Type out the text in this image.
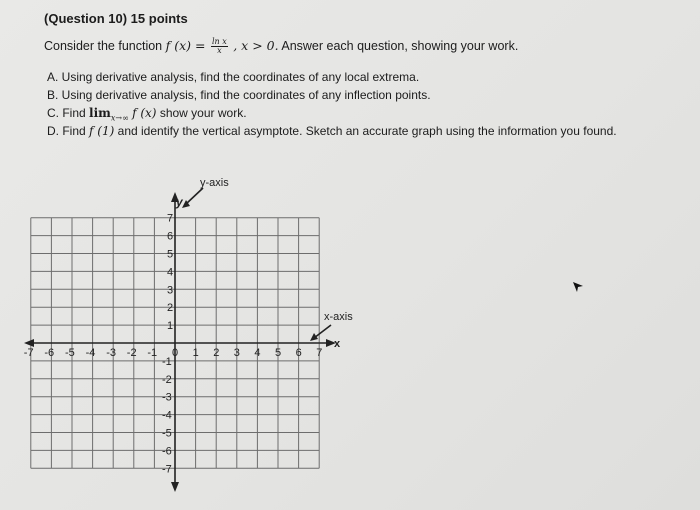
(Question 10) 15 points
Consider the function f $(x) = \frac{\text{ln x}}{x}$ , x > 0. Answer each question, showing your work.
A. Using derivative analysis, find the coordinates of any local extrema.
B. Using derivative analysis, find the coordinates of any inflection points.
C. Find $\lim_{x\to\infty} f$ (x) show your work.
D. Find f (1) and identify the vertical asymptote. Sketch an accurate graph using the information you found.
-7 -6 -5 -4 -3 -2 -1	1 2 3 4 5 6 7
7
6
5
4
3
2
1
-1
-2
-3
-4
-5
-6
-7
y
x
0
y-axis
x-axis
